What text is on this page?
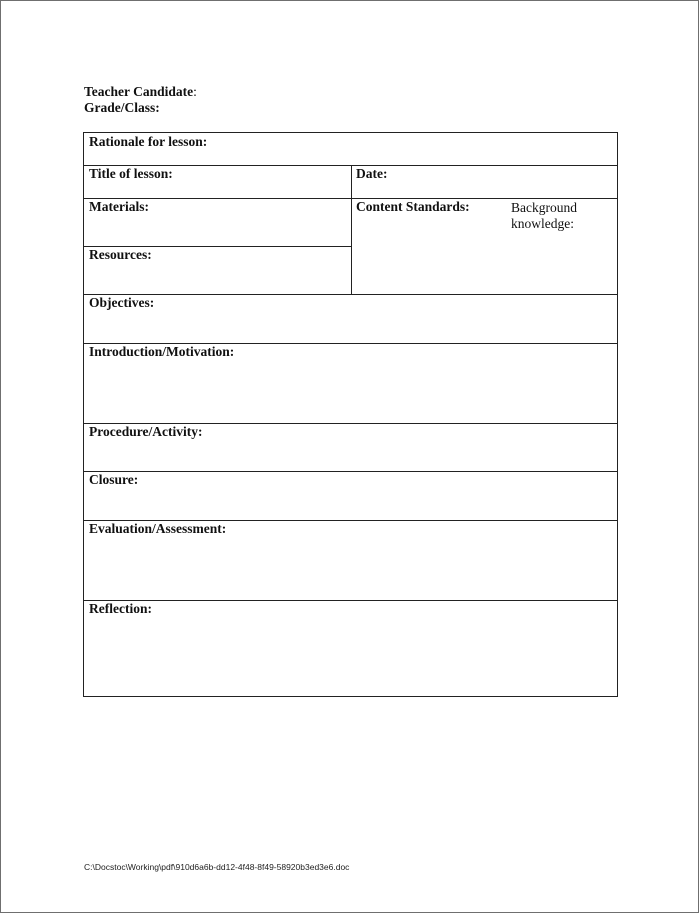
Teacher Candidate:
Grade/Class:
Rationale for lesson:
Title of lesson:	Date:
Materials:	Content Standards:	Background knowledge:
Resources:
Objectives:
Introduction/Motivation:
Procedure/Activity:
Closure:
Evaluation/Assessment:
Reflection:
C:\Docstoc\Working\pdf\910d6a6b-dd12-4f48-8f49-58920b3ed3e6.doc
